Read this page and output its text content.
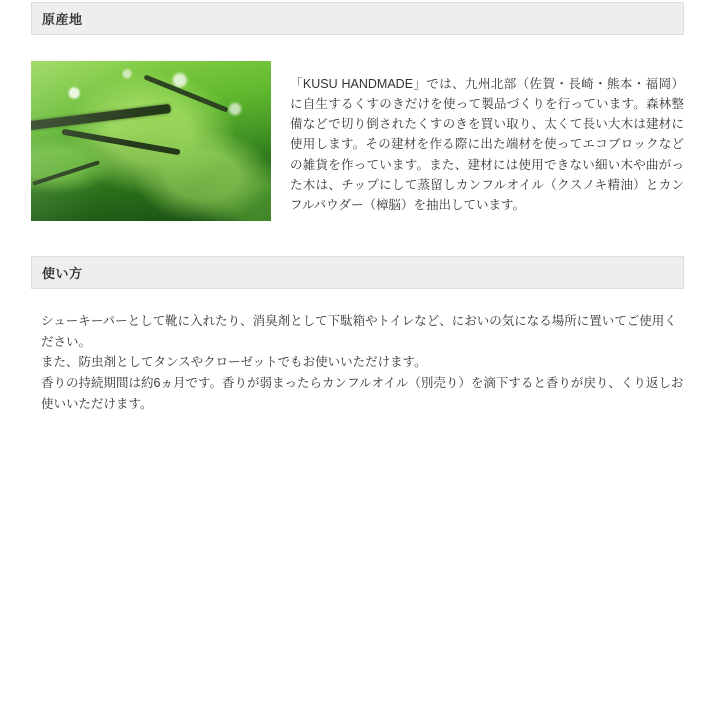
原産地

「KUSU HANDMADE」では、九州北部（佐賀・長崎・熊本・福岡）に自生するくすのきだけを使って製品づくりを行っています。森林整備などで切り倒されたくすのきを買い取り、太くて長い大木は建材に使用します。その建材を作る際に出た端材を使ってエコブロックなどの雑貨を作っています。また、建材には使用できない細い木や曲がった木は、チップにして蒸留しカンフルオイル（クスノキ精油）とカンフルパウダー（樟脳）を抽出しています。

使い方
シューキーパーとして靴に入れたり、消臭剤として下駄箱やトイレなど、においの気になる場所に置いてご使用ください。
また、防虫剤としてタンスやクローゼットでもお使いいただけます。
香りの持続期間は約6ヵ月です。香りが弱まったらカンフルオイル（別売り）を滴下すると香りが戻り、くり返しお使いいただけます。
